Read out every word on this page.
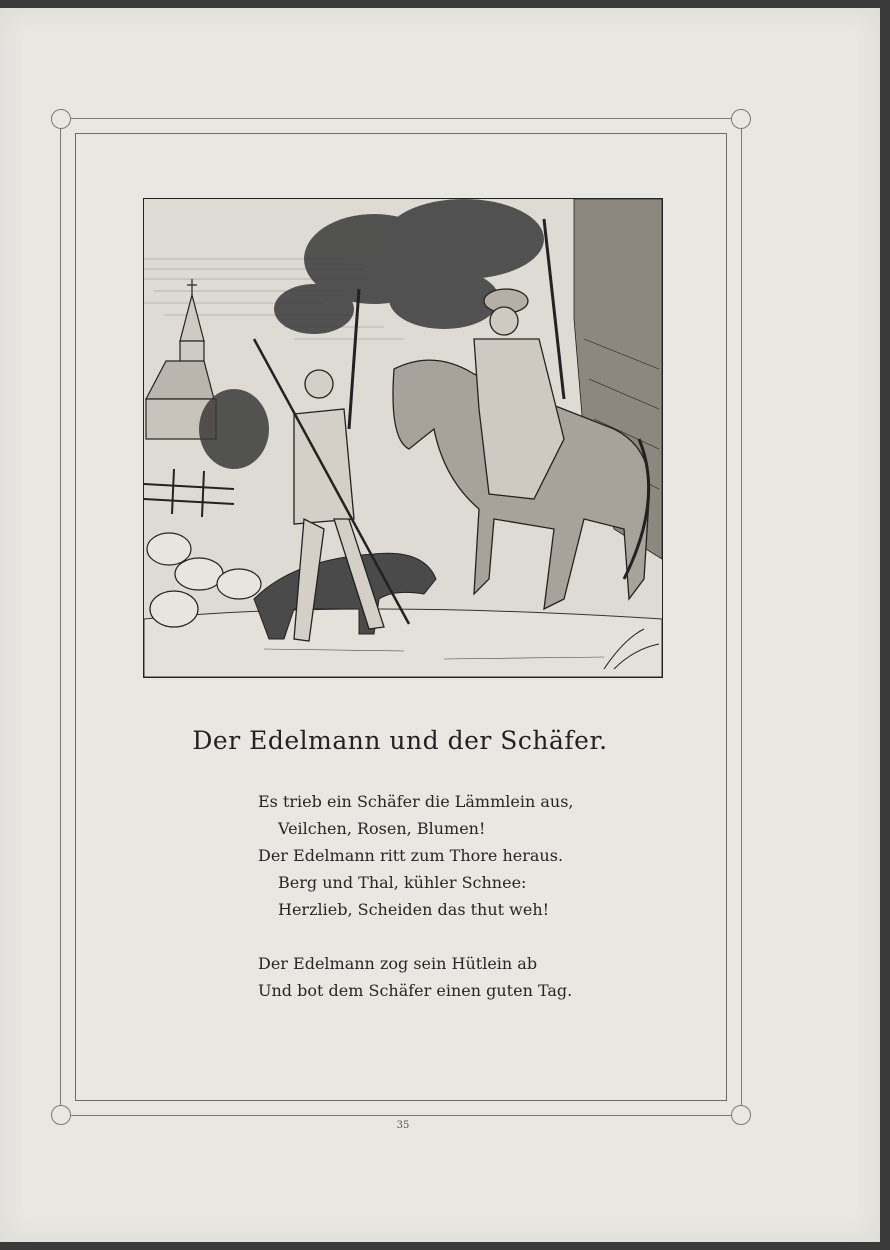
Der Edelmann und der Schäfer.
Es trieb ein Schäfer die Lämmlein aus,
Veilchen, Rosen, Blumen!
Der Edelmann ritt zum Thore heraus.
Berg und Thal, kühler Schnee:
Herzlieb, Scheiden das thut weh!
Der Edelmann zog sein Hütlein ab
Und bot dem Schäfer einen guten Tag.
35
